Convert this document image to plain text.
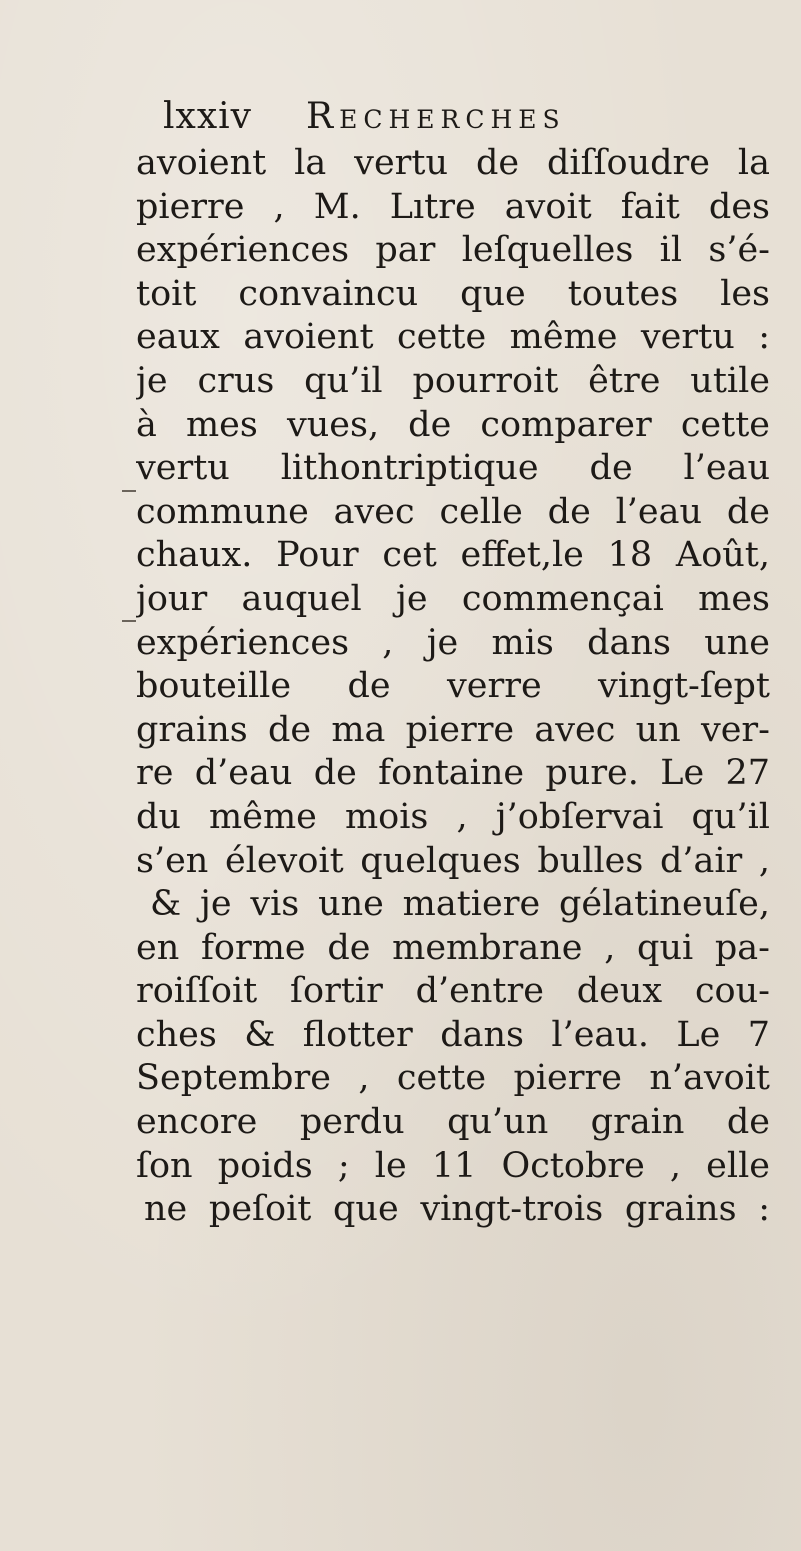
lxxiv Recherches
avoient la vertu de diſſoudre la
pierre , M. Lıtre avoit fait des
expériences par leſquelles il s’é-
toit convaincu que toutes les
eaux avoient cette même vertu :
je crus qu’il pourroit être utile
à mes vues, de comparer cette
vertu lithontriptique de l’eau
commune avec celle de l’eau de
chaux. Pour cet effet,le 18 Août,
jour auquel je commençai mes
expériences , je mis dans une
bouteille de verre vingt-ſept
grains de ma pierre avec un ver-
re d’eau de fontaine pure. Le 27
du même mois , j’obſervai qu’il
s’en élevoit quelques bulles d’air ,
& je vis une matiere gélatineuſe,
en forme de membrane , qui pa-
roiſſoit ſortir d’entre deux cou-
ches & flotter dans l’eau. Le 7
Septembre , cette pierre n’avoit
encore perdu qu’un grain de
ſon poids ; le 11 Octobre , elle
ne peſoit que vingt-trois grains :
